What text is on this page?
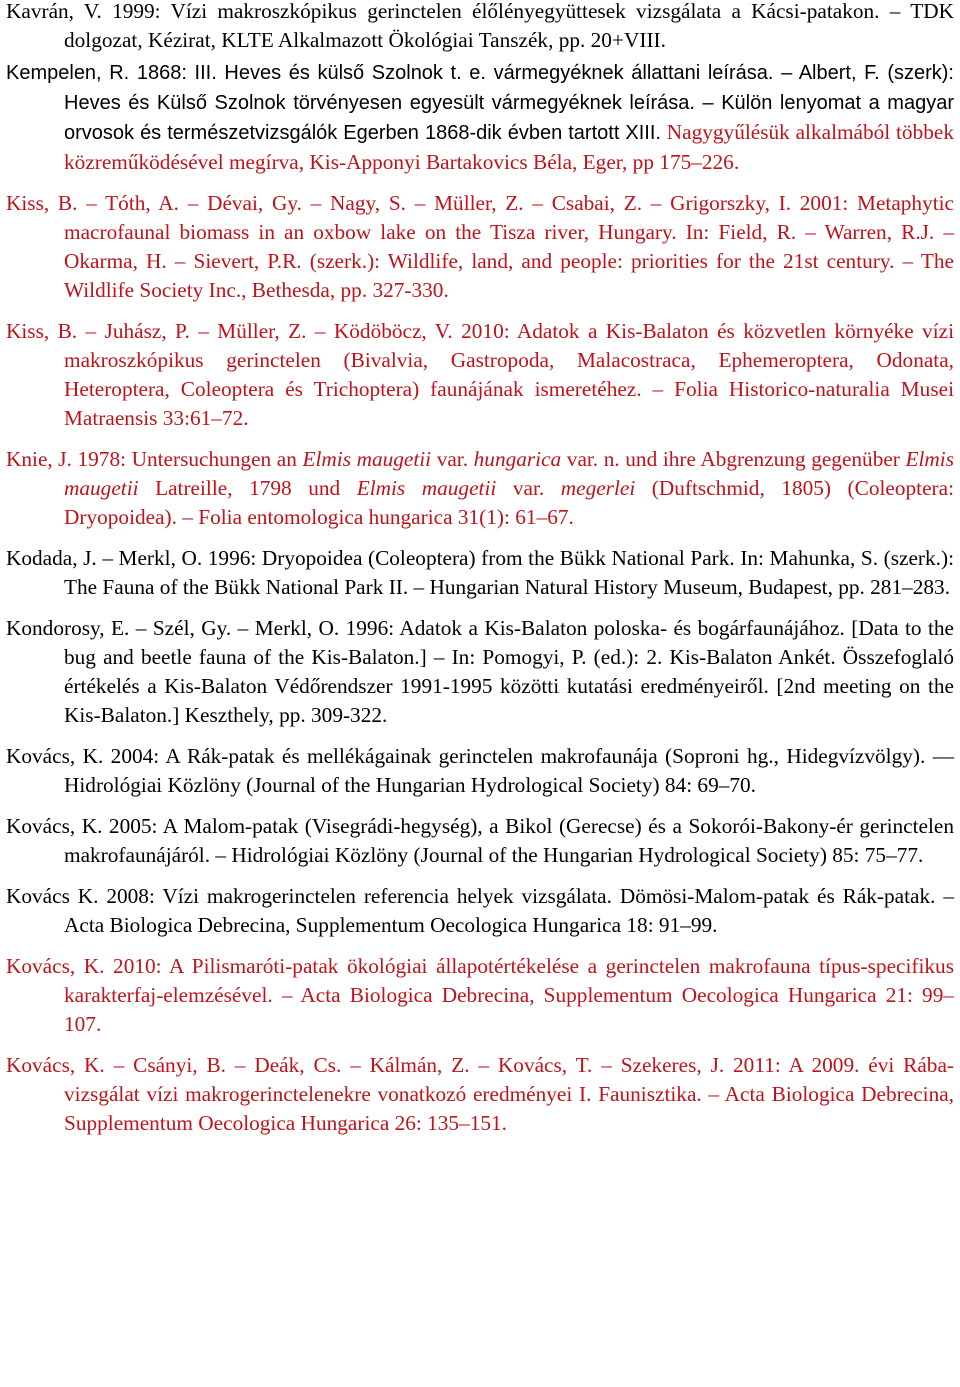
Kavrán, V. 1999: Vízi makroszkópikus gerinctelen élőlényegyüttesek vizsgálata a Kácsi-patakon. – TDK dolgozat, Kézirat, KLTE Alkalmazott Ökológiai Tanszék, pp. 20+VIII.

Kempelen, R. 1868: III. Heves és külső Szolnok t. e. vármegyéknek állattani leírása. – Albert, F. (szerk): Heves és Külső Szolnok törvényesen egyesült vármegyéknek leírása. – Külön lenyomat a magyar orvosok és természetvizsgálók Egerben 1868-dik évben tartott XIII. Nagygyűlésük alkalmából többek közreműködésével megírva, Kis-Apponyi Bartakovics Béla, Eger, pp 175–226.

Kiss, B. – Tóth, A. – Dévai, Gy. – Nagy, S. – Müller, Z. – Csabai, Z. – Grigorszky, I. 2001: Metaphytic macrofaunal biomass in an oxbow lake on the Tisza river, Hungary. In: Field, R. – Warren, R.J. – Okarma, H. – Sievert, P.R. (szerk.): Wildlife, land, and people: priorities for the 21st century. – The Wildlife Society Inc., Bethesda, pp. 327-330.

Kiss, B. – Juhász, P. – Müller, Z. – Ködöböcz, V. 2010: Adatok a Kis-Balaton és közvetlen környéke vízi makroszkópikus gerinctelen (Bivalvia, Gastropoda, Malacostraca, Ephemeroptera, Odonata, Heteroptera, Coleoptera és Trichoptera) faunájának ismeretéhez. – Folia Historico-naturalia Musei Matraensis 33:61–72.

Knie, J. 1978: Untersuchungen an Elmis maugetii var. hungarica var. n. und ihre Abgrenzung gegenüber Elmis maugetii Latreille, 1798 und Elmis maugetii var. megerlei (Duftschmid, 1805) (Coleoptera: Dryopoidea). – Folia entomologica hungarica 31(1): 61–67.

Kodada, J. – Merkl, O. 1996: Dryopoidea (Coleoptera) from the Bükk National Park. In: Mahunka, S. (szerk.): The Fauna of the Bükk National Park II. – Hungarian Natural History Museum, Budapest, pp. 281–283.

Kondorosy, E. – Szél, Gy. – Merkl, O. 1996: Adatok a Kis-Balaton poloska- és bogárfaunájához. [Data to the bug and beetle fauna of the Kis-Balaton.] – In: Pomogyi, P. (ed.): 2. Kis-Balaton Ankét. Összefoglaló értékelés a Kis-Balaton Védőrendszer 1991-1995 közötti kutatási eredményeiről. [2nd meeting on the Kis-Balaton.] Keszthely, pp. 309-322.

Kovács, K. 2004: A Rák-patak és mellékágainak gerinctelen makrofaunája (Soproni hg., Hidegvízvölgy). –– Hidrológiai Közlöny (Journal of the Hungarian Hydrological Society) 84: 69–70.

Kovács, K. 2005: A Malom-patak (Visegrádi-hegység), a Bikol (Gerecse) és a Sokorói-Bakony-ér gerinctelen makrofaunájáról. – Hidrológiai Közlöny (Journal of the Hungarian Hydrological Society) 85: 75–77.

Kovács K. 2008: Vízi makrogerinctelen referencia helyek vizsgálata. Dömösi-Malom-patak és Rák-patak. – Acta Biologica Debrecina, Supplementum Oecologica Hungarica 18: 91–99.

Kovács, K. 2010: A Pilismaróti-patak ökológiai állapotértékelése a gerinctelen makrofauna típus-specifikus karakterfaj-elemzésével. – Acta Biologica Debrecina, Supplementum Oecologica Hungarica 21: 99–107.

Kovács, K. – Csányi, B. – Deák, Cs. – Kálmán, Z. – Kovács, T. – Szekeres, J. 2011: A 2009. évi Rába-vizsgálat vízi makrogerinctelenekre vonatkozó eredményei I. Faunisztika. – Acta Biologica Debrecina, Supplementum Oecologica Hungarica 26: 135–151.
